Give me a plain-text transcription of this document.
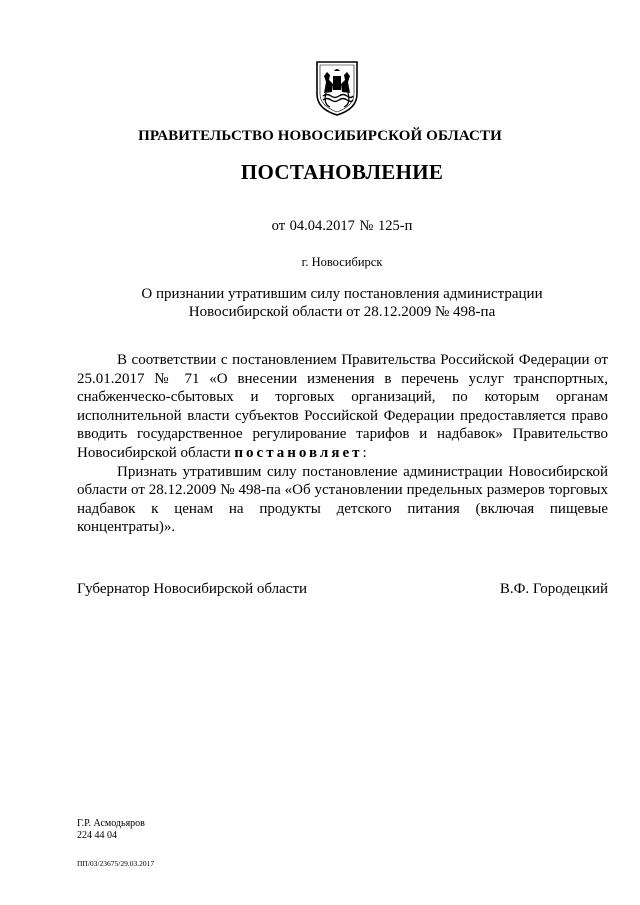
ПРАВИТЕЛЬСТВО НОВОСИБИРСКОЙ ОБЛАСТИ
ПОСТАНОВЛЕНИЕ
от 04.04.2017 № 125-п
г. Новосибирск
О признании утратившим силу постановления администрации
Новосибирской области от 28.12.2009 № 498-па

В соответствии с постановлением Правительства Российской Федерации от 25.01.2017 № 71 «О внесении изменения в перечень услуг транспортных, снабженческо-сбытовых и торговых организаций, по которым органам исполнительной власти субъектов Российской Федерации предоставляется право вводить государственное регулирование тарифов и надбавок» Правительство Новосибирской области постановляет:

Признать утратившим силу постановление администрации Новосибирской области от 28.12.2009 № 498-па «Об установлении предельных размеров торговых надбавок к ценам на продукты детского питания (включая пищевые концентраты)».

Губернатор Новосибирской области	В.Ф. Городецкий
Г.Р. Асмодьяров
224 44 04
ПП/03/23675/29.03.2017
